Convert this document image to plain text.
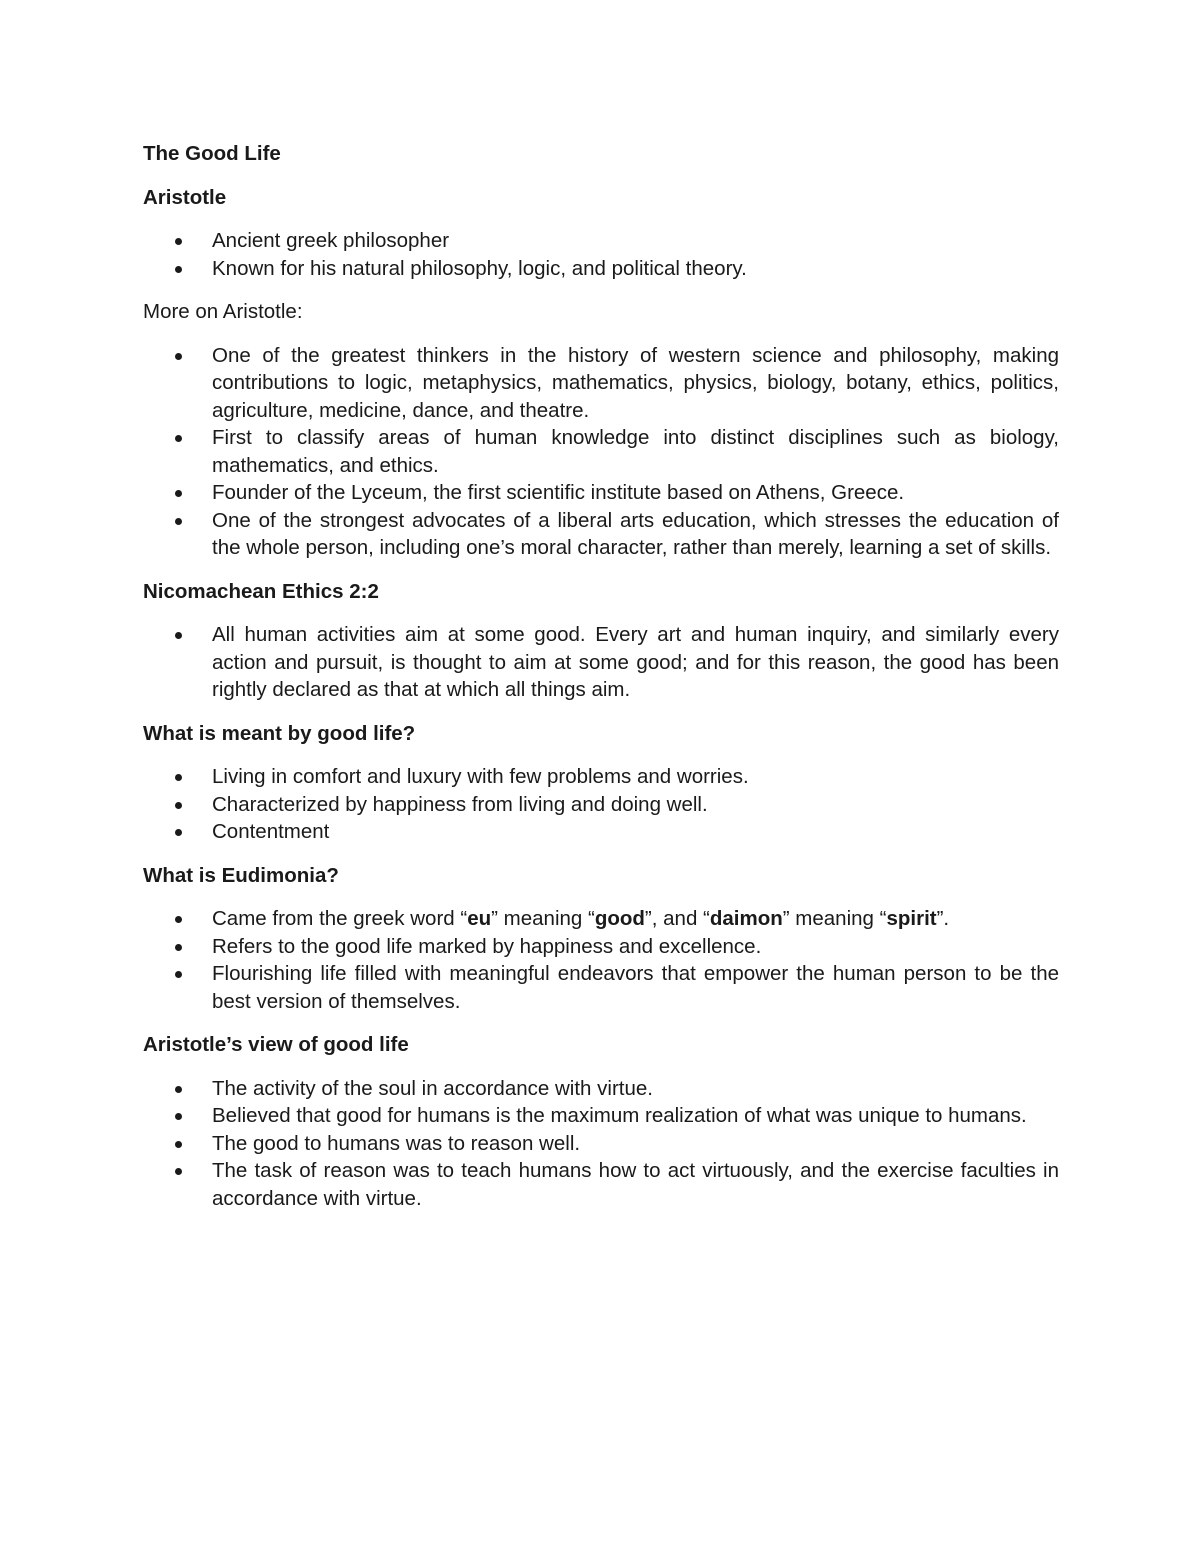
The Good Life

Aristotle

Ancient greek philosopher
Known for his natural philosophy, logic, and political theory.

More on Aristotle:

One of the greatest thinkers in the history of western science and philosophy, making contributions to logic, metaphysics, mathematics, physics, biology, botany, ethics, politics, agriculture, medicine, dance, and theatre.
First to classify areas of human knowledge into distinct disciplines such as biology, mathematics, and ethics.
Founder of the Lyceum, the first scientific institute based on Athens, Greece.
One of the strongest advocates of a liberal arts education, which stresses the education of the whole person, including one’s moral character, rather than merely, learning a set of skills.

Nicomachean Ethics 2:2

All human activities aim at some good. Every art and human inquiry, and similarly every action and pursuit, is thought to aim at some good; and for this reason, the good has been rightly declared as that at which all things aim.

What is meant by good life?

Living in comfort and luxury with few problems and worries.
Characterized by happiness from living and doing well.
Contentment

What is Eudimonia?

Came from the greek word “eu” meaning “good”, and “daimon” meaning “spirit”.
Refers to the good life marked by happiness and excellence.
Flourishing life filled with meaningful endeavors that empower the human person to be the best version of themselves.

Aristotle’s view of good life

The activity of the soul in accordance with virtue.
Believed that good for humans is the maximum realization of what was unique to humans.
The good to humans was to reason well.
The task of reason was to teach humans how to act virtuously, and the exercise faculties in accordance with virtue.
